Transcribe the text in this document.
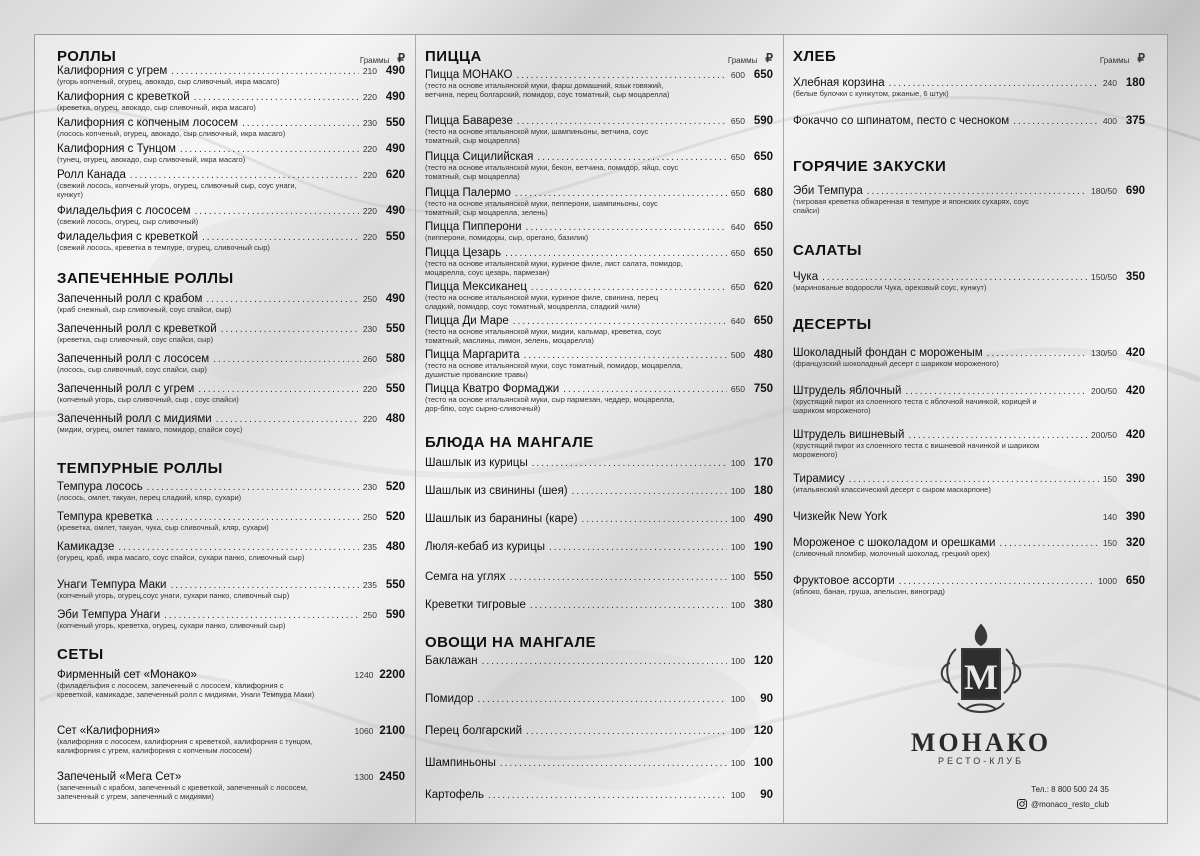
РОЛЛЫ	Граммы ₽
Калифорния с угрем .....	210 490
(угорь копченый, огурец, авокадо, сыр сливочный, икра масаго)
Калифорния с креветкой .....	220 490
(креветка, огурец, авокадо, сыр сливочный, икра масаго)
Калифорния с копченым лососем .....	230 550
(лосось копченый, огурец, авокадо, сыр сливочный, икра масаго)
Калифорния с Тунцом .....	220 490
(тунец, огурец, авокадо, сыр сливочный, икра масаго)
Ролл Канада .....	220 620
(свежий лосось, копченый угорь, огурец, сливочный сыр, соус унаги, кунжут)
Филадельфия с лососем .....	220 490
(свежий лосось, огурец, сыр сливочный)
Филадельфия с креветкой .....	220 550
(свежий лосось, креветка в темпуре, огурец, сливочный сыр)
ЗАПЕЧЕННЫЕ РОЛЛЫ
Запеченный ролл с крабом .....	250 490
(краб снежный, сыр сливочный, соус спайси, сыр)
Запеченный ролл с креветкой .....	230 550
(креветка, сыр сливочный, соус спайси, сыр)
Запеченный ролл с лососем .....	260 580
(лосось, сыр сливочный, соус спайси, сыр)
Запеченный ролл с угрем .....	220 550
(копченый угорь, сыр сливочный, сыр , соус спайси)
Запеченный ролл с мидиями .....	220 480
(мидии, огурец, омлет тамаго, помидор, спайси соус)
ТЕМПУРНЫЕ РОЛЛЫ
Темпура лосось .....	230 520
(лосось, омлет, такуан, перец сладкий, кляр, сухари)
Темпура креветка .....	250 520
(креветка, омлет, такуан, чука, сыр сливочный, кляр, сухари)
Камикадзе .....	235 480
(огурец, краб, икра масаго, соус спайси, сухари панко, сливочный сыр)
Унаги Темпура Маки .....	235 550
(копченый угорь, огурец,соус унаги, сухари панко, сливочный сыр)
Эби Темпура Унаги .....	250 590
(копченый угорь, креветка, огурец, сухари панко, сливочный сыр)
СЕТЫ
Фирменный сет «Монако»	1240 2200
(филадельфия с лососем, запеченный с лососем, калифорния с креветкой, камикадзе, запеченный ролл с мидиями, Унаги Темпура Маки)
Сет «Калифорния»	1060 2100
(калифорния с лососем, калифорния с креветкой, калифорния с тунцом, калифорния с угрем, калифорния с копченым лососем)
Запеченый «Мега Сет»	1300 2450
(запеченный с крабом, запеченный с креветкой, запеченный с лососем, запеченный с угрем, запеченный с мидиями)
ПИЦЦА	Граммы ₽
Пицца МОНАКО .....	600 650
(тесто на основе итальянской муки, фарш домашний, язык говяжий, ветчина, перец болгарский, помидор, соус томатный, сыр моцарелла)
Пицца Баварезе .....	650 590
(тесто на основе итальянской муки, шампиньоны, ветчина, соус томатный, сыр моцарелла)
Пицца Сицилийская .....	650 650
(тесто на основе итальянской муки, бекон, ветчина, помидор, яйцо, соус томатный, сыр моцарелла)
Пицца Палермо .....	650 680
(тесто на основе итальянской муки, пепперони, шампиньоны, соус томатный, сыр моцарелла, зелень)
Пицца Пипперони .....	640 650
(пипперони, помидоры, сыр, орегано, базилик)
Пицца Цезарь .....	650 650
(тесто на основе итальянской муки, куриное филе, лист салата, помидор, моцарелла, соус цезарь, пармезан)
Пицца Мексиканец .....	650 620
(тесто на основе итальянской муки, куриное филе, свинина, перец сладкий, помидор, соус томатный, моцарелла, сладкий чили)
Пицца Ди Маре .....	640 650
(тесто на основе итальянской муки, мидии, кальмар, креветка, соус томатный, маслины, лимон, зелень, моцарелла)
Пицца Маргарита .....	500 480
(тесто на основе итальянской муки, соус томатный, помидор, моцарелла, душистые прованские травы)
Пицца Кватро Формаджи .....	650 750
(тесто на основе итальянской муки, сыр пармезан, чеддер, моцарелла, дор-блю, соус сырно-сливочный)
БЛЮДА НА МАНГАЛЕ
Шашлык из курицы .....	100 170
Шашлык из свинины (шея) .....	100 180
Шашлык из баранины (каре) .....	100 490
Люля-кебаб из курицы .....	100 190
Семга на углях .....	100 550
Креветки тигровые .....	100 380
ОВОЩИ НА МАНГАЛЕ
Баклажан .....	100 120
Помидор .....	100	90
Перец болгарский .....	100 120
Шампиньоны .....	100 100
Картофель .....	100	90
ХЛЕБ	Граммы ₽
Хлебная корзина .....	240 180
(белые булочки с кунжутом, ржаные, 6 штук)
Фокаччо со шпинатом, песто с чесноком .....	400 375
ГОРЯЧИЕ ЗАКУСКИ
Эби Темпура .....	180/50 690
(тигровая креветка обжаренная в темпуре и японских сухарях, соус спайси)
САЛАТЫ
Чука .....	150/50 350
(маринованые водоросли Чука, ореховый соус, кунжут)
ДЕСЕРТЫ
Шоколадный фондан с мороженым .....	130/50 420
(французский шоколадный десерт с шариком мороженого)
Штрудель яблочный .....	200/50 420
(хрустящий пирог из слоенного теста с яблочной начинкой, корицей и шариком мороженого)
Штрудель вишневый .....	200/50 420
(хрустящий пирог из слоенного теста с вишневой начинкой и шариком мороженого)
Тирамису .....	150 390
(итальянский классический десерт с сыром маскарпоне)
Чизкейк New York	140 390
Мороженое с шоколадом и орешками .....	150 320
(сливочный пломбир, молочный шоколад, грецкий орех)
Фруктовое ассорти .....	1000 650
(яблоко, банан, груша, апельсин, виноград)
M
МОНАКО
РЕСТО-КЛУБ
Тел.: 8 800 500 24 35
@monaco_resto_club
